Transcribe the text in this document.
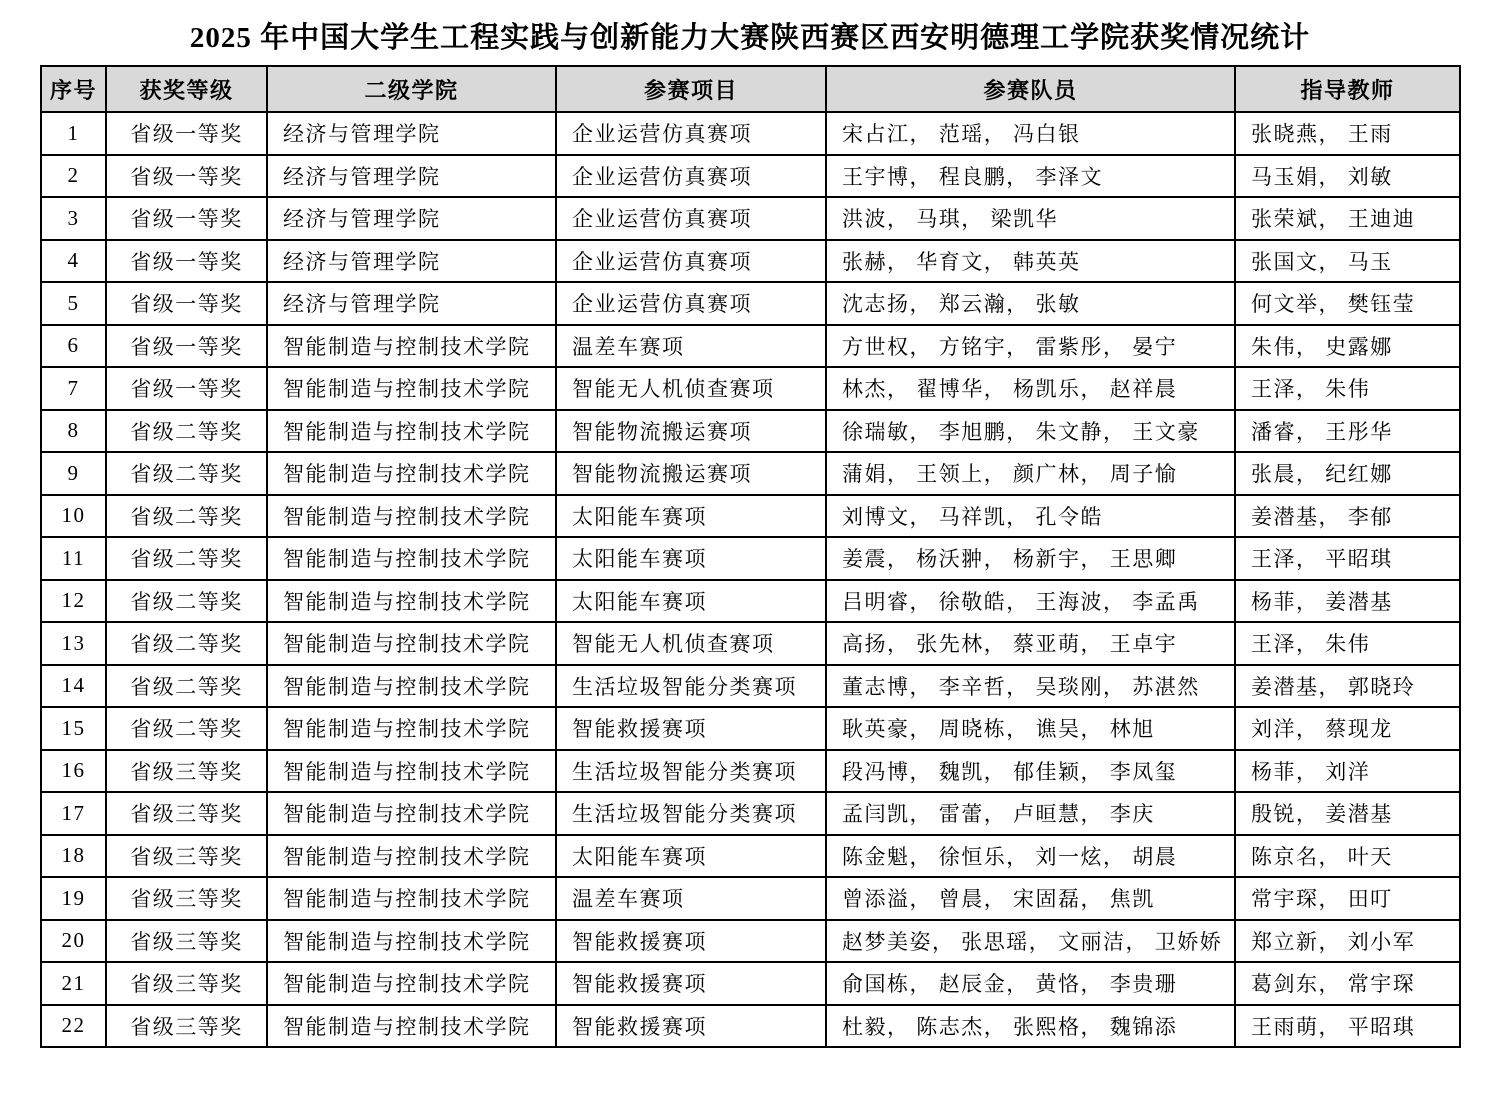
2025 年中国大学生工程实践与创新能力大赛陕西赛区西安明德理工学院获奖情况统计
序号	获奖等级	二级学院	参赛项目	参赛队员	指导教师
1	省级一等奖	经济与管理学院	企业运营仿真赛项	宋占江， 范瑶， 冯白银	张晓燕， 王雨
2	省级一等奖	经济与管理学院	企业运营仿真赛项	王宇博， 程良鹏， 李泽文	马玉娟， 刘敏
3	省级一等奖	经济与管理学院	企业运营仿真赛项	洪波， 马琪， 梁凯华	张荣斌， 王迪迪
4	省级一等奖	经济与管理学院	企业运营仿真赛项	张赫， 华育文， 韩英英	张国文， 马玉
5	省级一等奖	经济与管理学院	企业运营仿真赛项	沈志扬， 郑云瀚， 张敏	何文举， 樊钰莹
6	省级一等奖	智能制造与控制技术学院	温差车赛项	方世权， 方铭宇， 雷紫彤， 晏宁	朱伟， 史露娜
7	省级一等奖	智能制造与控制技术学院	智能无人机侦查赛项	林杰， 翟博华， 杨凯乐， 赵祥晨	王泽， 朱伟
8	省级二等奖	智能制造与控制技术学院	智能物流搬运赛项	徐瑞敏， 李旭鹏， 朱文静， 王文豪	潘睿， 王彤华
9	省级二等奖	智能制造与控制技术学院	智能物流搬运赛项	蒲娟， 王领上， 颜广林， 周子愉	张晨， 纪红娜
10	省级二等奖	智能制造与控制技术学院	太阳能车赛项	刘博文， 马祥凯， 孔令皓	姜潜基， 李郁
11	省级二等奖	智能制造与控制技术学院	太阳能车赛项	姜震， 杨沃翀， 杨新宇， 王思卿	王泽， 平昭琪
12	省级二等奖	智能制造与控制技术学院	太阳能车赛项	吕明睿， 徐敬皓， 王海波， 李孟禹	杨菲， 姜潜基
13	省级二等奖	智能制造与控制技术学院	智能无人机侦查赛项	高扬， 张先林， 蔡亚萌， 王卓宇	王泽， 朱伟
14	省级二等奖	智能制造与控制技术学院	生活垃圾智能分类赛项	董志博， 李辛哲， 吴琰刚， 苏湛然	姜潜基， 郭晓玲
15	省级二等奖	智能制造与控制技术学院	智能救援赛项	耿英豪， 周晓栋， 谯吴， 林旭	刘洋， 蔡现龙
16	省级三等奖	智能制造与控制技术学院	生活垃圾智能分类赛项	段冯博， 魏凯， 郁佳颖， 李凤玺	杨菲， 刘洋
17	省级三等奖	智能制造与控制技术学院	生活垃圾智能分类赛项	孟闫凯， 雷蕾， 卢晅慧， 李庆	殷锐， 姜潜基
18	省级三等奖	智能制造与控制技术学院	太阳能车赛项	陈金魁， 徐恒乐， 刘一炫， 胡晨	陈京名， 叶天
19	省级三等奖	智能制造与控制技术学院	温差车赛项	曾添溢， 曾晨， 宋固磊， 焦凯	常宇琛， 田叮
20	省级三等奖	智能制造与控制技术学院	智能救援赛项	赵梦美姿， 张思瑶， 文丽洁， 卫娇娇	郑立新， 刘小军
21	省级三等奖	智能制造与控制技术学院	智能救援赛项	俞国栋， 赵辰金， 黄恪， 李贵珊	葛剑东， 常宇琛
22	省级三等奖	智能制造与控制技术学院	智能救援赛项	杜毅， 陈志杰， 张熙格， 魏锦添	王雨萌， 平昭琪
